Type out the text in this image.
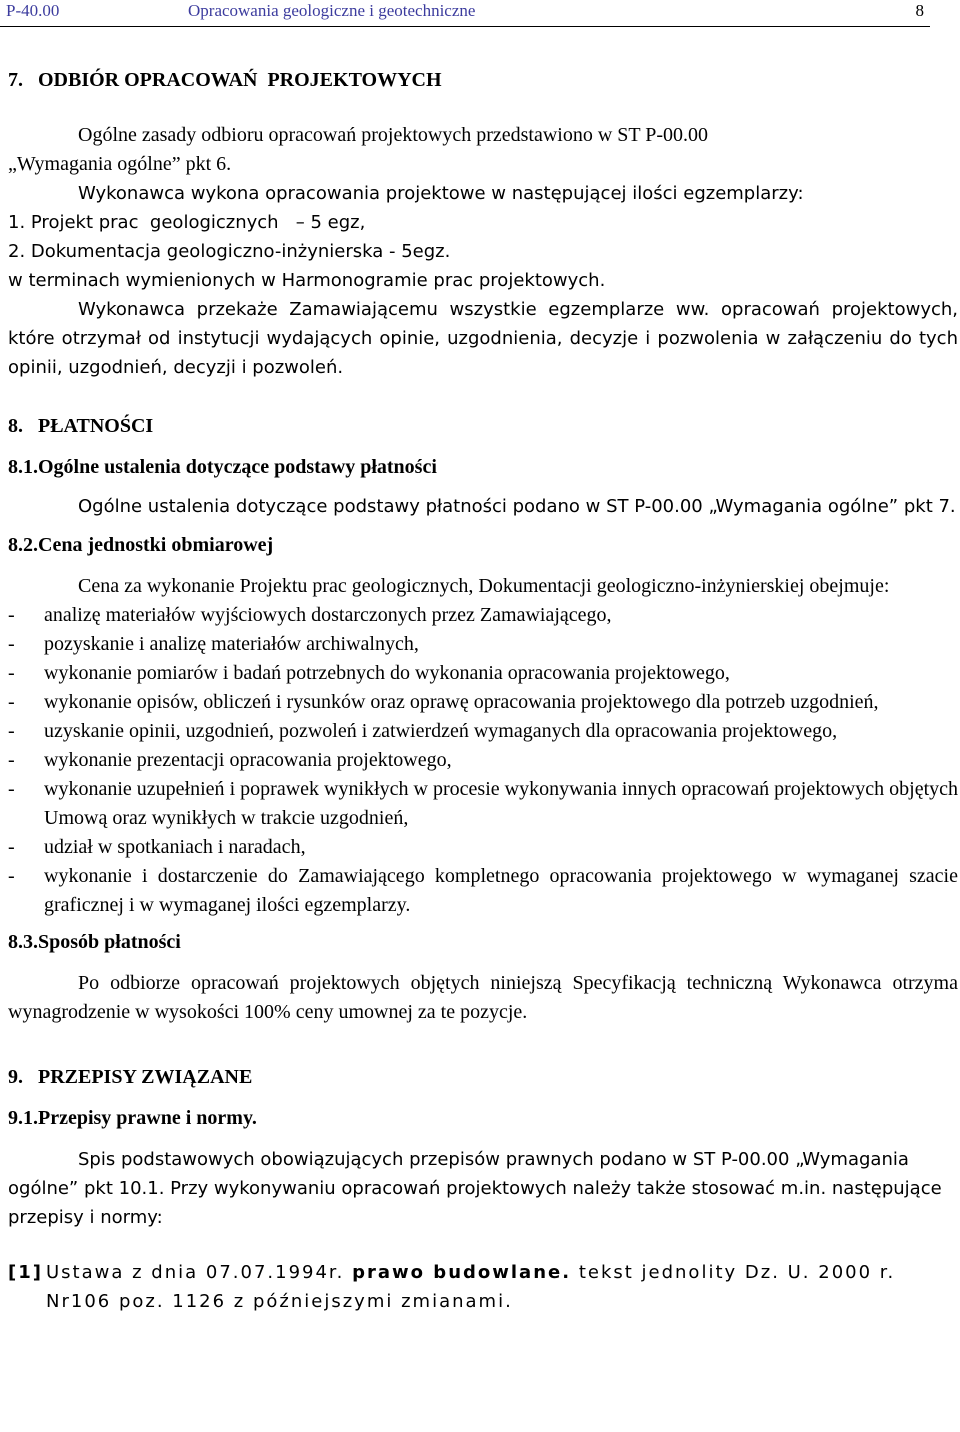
P-40.00	Opracowania geologiczne i geotechniczne	8

7.   ODBIÓR OPRACOWAŃ  PROJEKTOWYCH

Ogólne zasady odbioru opracowań projektowych przedstawiono w ST P-00.00

„Wymagania ogólne” pkt 6.

Wykonawca wykona opracowania projektowe w następującej ilości egzemplarzy:

1. Projekt prac  geologicznych   – 5 egz,

2. Dokumentacja geologiczno-inżynierska - 5egz.

w terminach wymienionych w Harmonogramie prac projektowych.

Wykonawca przekaże Zamawiającemu wszystkie egzemplarze ww. opracowań projektowych, które otrzymał od instytucji wydających opinie, uzgodnienia, decyzje i pozwolenia w załączeniu do tych opinii, uzgodnień, decyzji i pozwoleń.

8.   PŁATNOŚCI

8.1.Ogólne ustalenia dotyczące podstawy płatności

Ogólne ustalenia dotyczące podstawy płatności podano w ST P-00.00 „Wymagania ogólne” pkt 7.

8.2.Cena jednostki obmiarowej

Cena za wykonanie Projektu prac geologicznych, Dokumentacji geologiczno-inżynierskiej obejmuje:

-	analizę materiałów wyjściowych dostarczonych przez Zamawiającego,
-	pozyskanie i analizę materiałów archiwalnych,
-	wykonanie pomiarów i badań potrzebnych do wykonania opracowania projektowego,
-	wykonanie opisów, obliczeń i rysunków oraz oprawę opracowania projektowego dla potrzeb uzgodnień,
-	uzyskanie opinii, uzgodnień, pozwoleń i zatwierdzeń wymaganych dla opracowania projektowego,
-	wykonanie prezentacji opracowania projektowego,
-	wykonanie uzupełnień i poprawek wynikłych w procesie wykonywania innych opracowań projektowych objętych Umową oraz wynikłych w trakcie uzgodnień,
-	udział w spotkaniach i naradach,
-	wykonanie i dostarczenie do Zamawiającego kompletnego opracowania projektowego w wymaganej szacie graficznej i w wymaganej ilości egzemplarzy.

8.3.Sposób płatności

Po odbiorze opracowań projektowych objętych niniejszą Specyfikacją techniczną Wykonawca otrzyma wynagrodzenie w wysokości 100% ceny umownej za te pozycje.

9.   PRZEPISY ZWIĄZANE

9.1.Przepisy prawne i normy.

Spis podstawowych obowiązujących przepisów prawnych podano w ST P-00.00 „Wymagania ogólne” pkt 10.1. Przy wykonywaniu opracowań projektowych należy także stosować m.in. następujące przepisy i normy:

[1] Ustawa z dnia 07.07.1994r. prawo budowlane. tekst jednolity Dz. U. 2000 r. Nr106 poz. 1126 z późniejszymi zmianami.
